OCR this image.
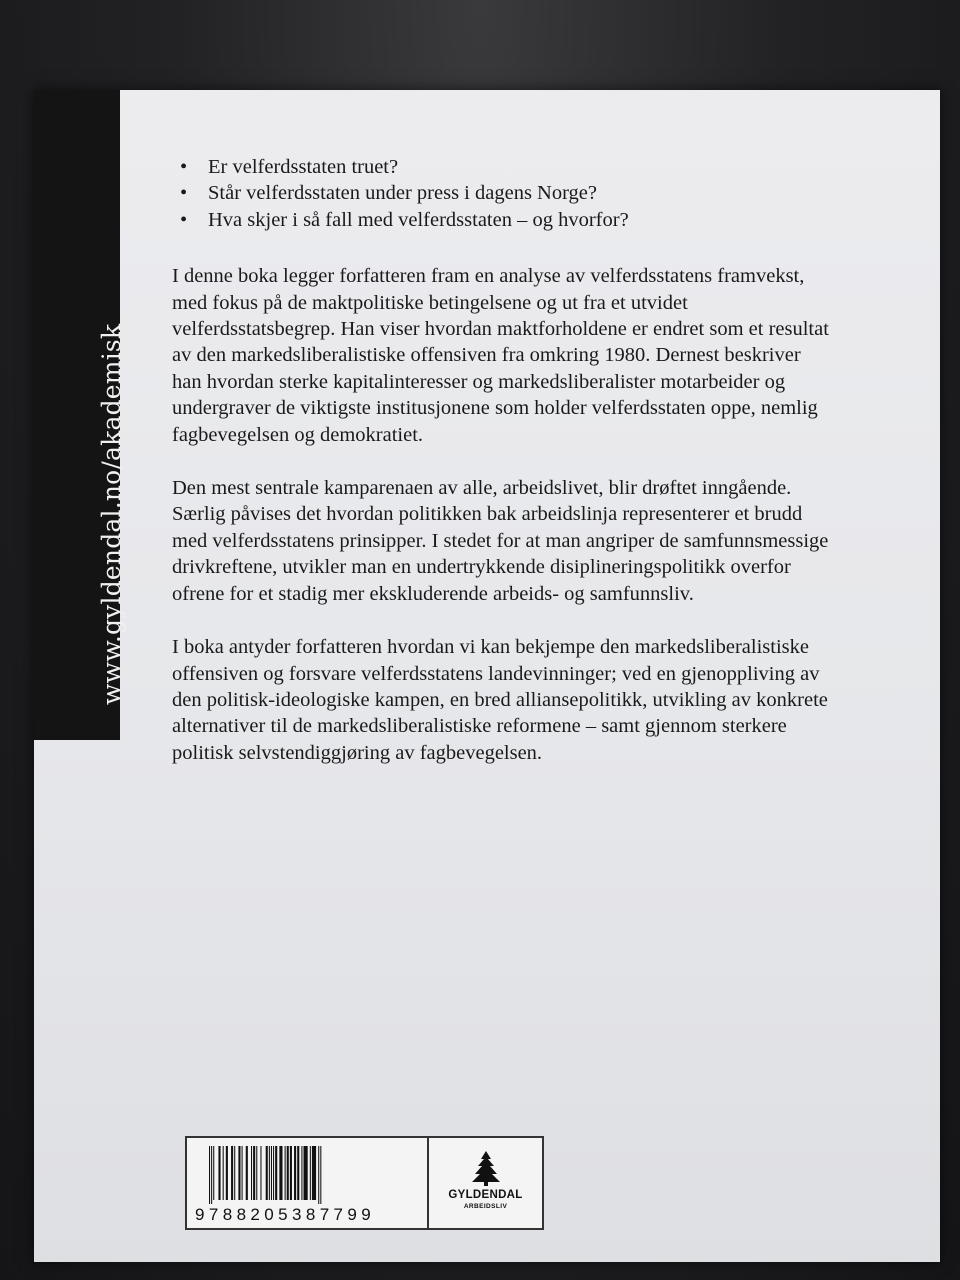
www.gyldendal.no/akademisk
• Er velferdsstaten truet?
• Står velferdsstaten under press i dagens Norge?
• Hva skjer i så fall med velferdsstaten – og hvorfor?

I denne boka legger forfatteren fram en analyse av velferdsstatens framvekst, med fokus på de maktpolitiske betingelsene og ut fra et utvidet velferdsstatsbegrep. Han viser hvordan maktforholdene er endret som et resultat av den markedsliberalistiske offensiven fra omkring 1980. Dernest beskriver han hvordan sterke kapitalinteresser og markedsliberalister motarbeider og undergraver de viktigste institusjonene som holder velferdsstaten oppe, nemlig fagbevegelsen og demokratiet.

Den mest sentrale kamparenaen av alle, arbeidslivet, blir drøftet inngående. Særlig påvises det hvordan politikken bak arbeidslinja representerer et brudd med velferdsstatens prinsipper. I stedet for at man angriper de samfunnsmessige drivkreftene, utvikler man en undertrykkende disiplineringspolitikk overfor ofrene for et stadig mer ekskluderende arbeids- og samfunnsliv.

I boka antyder forfatteren hvordan vi kan bekjempe den markedsliberalistiske offensiven og forsvare velferdsstatens landevinninger; ved en gjenoppliving av den politisk-ideologiske kampen, en bred alliansepolitikk, utvikling av konkrete alternativer til de markedsliberalistiske reformene – samt gjennom sterkere politisk selvstendiggjøring av fagbevegelsen.

9788205387799
GYLDENDAL
ARBEIDSLIV
